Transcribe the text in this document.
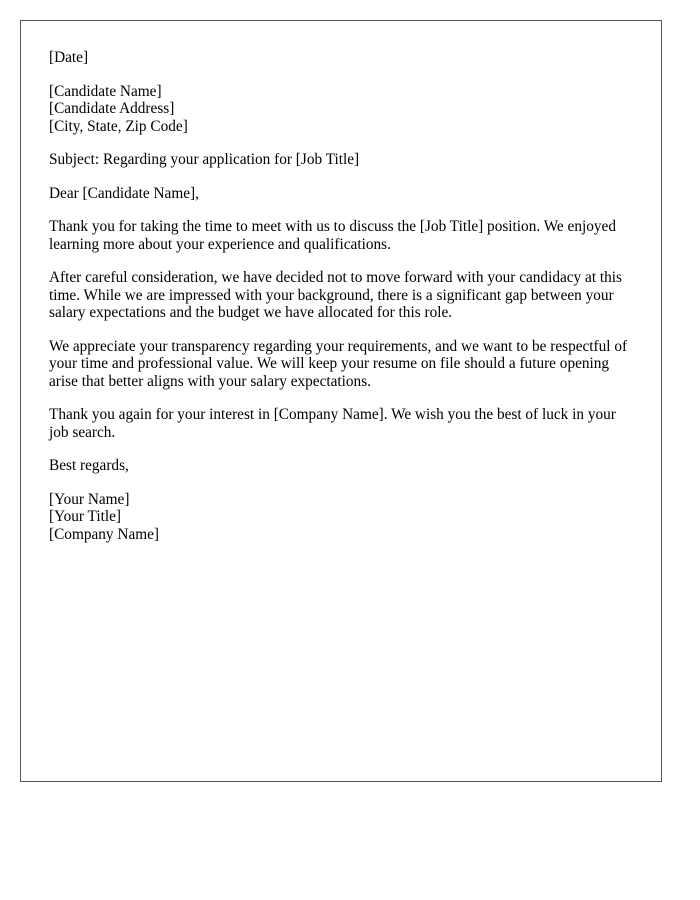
[Date]
[Candidate Name]
[Candidate Address]
[City, State, Zip Code]
Subject: Regarding your application for [Job Title]
Dear [Candidate Name],

Thank you for taking the time to meet with us to discuss the [Job Title] position. We enjoyed learning more about your experience and qualifications.

After careful consideration, we have decided not to move forward with your candidacy at this time. While we are impressed with your background, there is a significant gap between your salary expectations and the budget we have allocated for this role.

We appreciate your transparency regarding your requirements, and we want to be respectful of your time and professional value. We will keep your resume on file should a future opening arise that better aligns with your salary expectations.

Thank you again for your interest in [Company Name]. We wish you the best of luck in your job search.

Best regards,
[Your Name]
[Your Title]
[Company Name]
